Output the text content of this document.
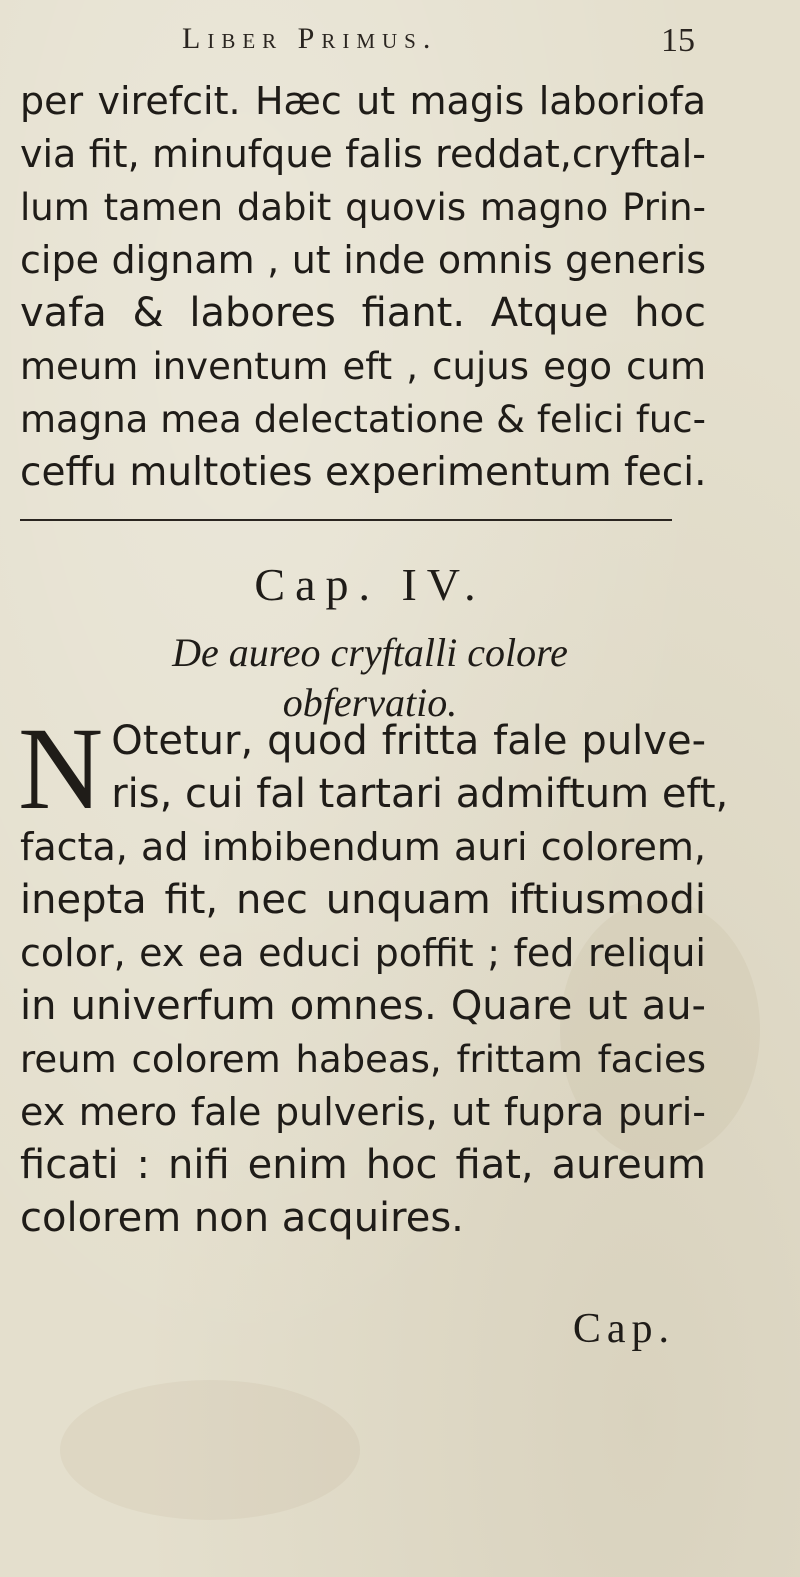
Liber Primus.	15
per virefcit. Hæc ut magis laboriofa
via fit, minufque falis reddat,cryftal-
lum tamen dabit quovis magno Prin-
cipe dignam , ut inde omnis generis
vafa & labores fiant. Atque hoc
meum inventum eft , cujus ego cum
magna mea delectatione & felici fuc-
ceffu multoties experimentum feci.
Cap. IV.
De aureo cryftalli colore
obfervatio.
N Otetur, quod fritta fale pulve-
ris, cui fal tartari admiftum eft,
facta, ad imbibendum auri colorem,
inepta fit, nec unquam iftiusmodi
color, ex ea educi poffit ; fed reliqui
in univerfum omnes. Quare ut au-
reum colorem habeas, frittam facies
ex mero fale pulveris, ut fupra puri-
ficati : nifi enim hoc fiat, aureum
colorem non acquires.
Cap.
